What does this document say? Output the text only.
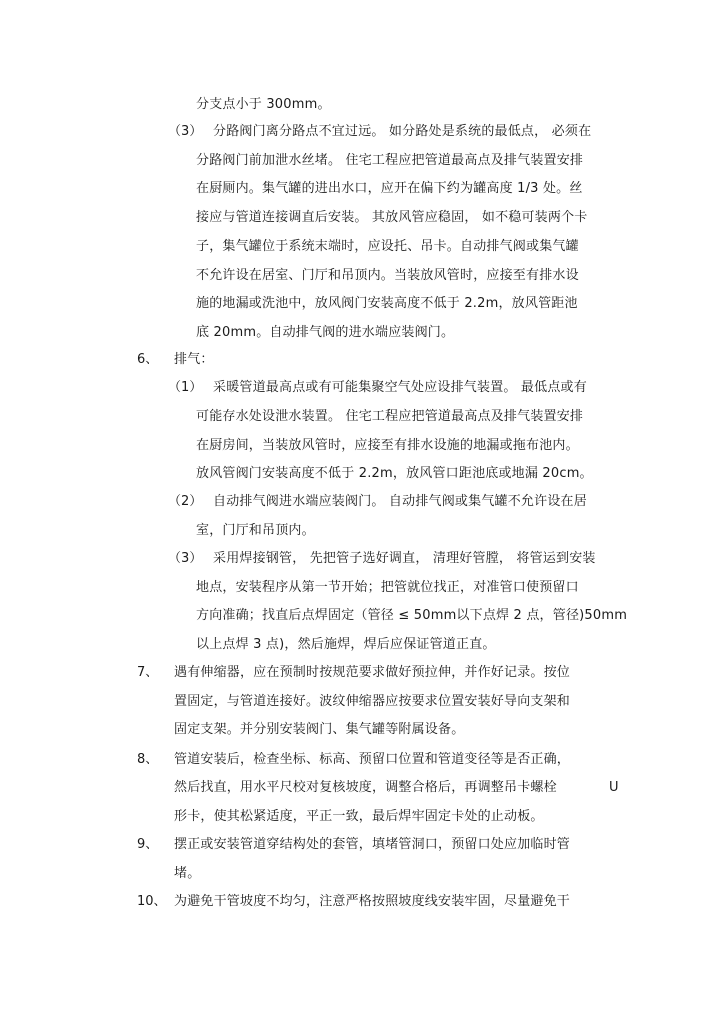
分支点小于 300mm。
（3） 分路阀门离分路点不宜过远。 如分路处是系统的最低点， 必须在
分路阀门前加泄水丝堵。 住宅工程应把管道最高点及排气装置安排
在厨厕内。集气罐的进出水口，应开在偏下约为罐高度 1/3 处。丝
接应与管道连接调直后安装。 其放风管应稳固， 如不稳可装两个卡
子，集气罐位于系统末端时，应设托、吊卡。自动排气阀或集气罐
不允许设在居室、门厅和吊顶内。当装放风管时，应接至有排水设
施的地漏或洗池中，放风阀门安装高度不低于 2.2m，放风管距池
底 20mm。自动排气阀的进水端应装阀门。
6、 排气：
（1） 采暖管道最高点或有可能集聚空气处应设排气装置。 最低点或有
可能存水处设泄水装置。 住宅工程应把管道最高点及排气装置安排
在厨房间，当装放风管时，应接至有排水设施的地漏或拖布池内。
放风管阀门安装高度不低于 2.2m，放风管口距池底或地漏 20cm。
（2） 自动排气阀进水端应装阀门。 自动排气阀或集气罐不允许设在居
室，门厅和吊顶内。
（3） 采用焊接钢管， 先把管子选好调直， 清理好管膛， 将管运到安装
地点，安装程序从第一节开始；把管就位找正，对准管口使预留口
方向准确；找直后点焊固定（管径 ≤ 50mm以下点焊 2 点，管径)50mm
以上点焊 3 点)，然后施焊，焊后应保证管道正直。
7、 遇有伸缩器，应在预制时按规范要求做好预拉伸，并作好记录。按位
置固定，与管道连接好。波纹伸缩器应按要求位置安装好导向支架和
固定支架。并分别安装阀门、集气罐等附属设备。
8、 管道安装后，检查坐标、标高、预留口位置和管道变径等是否正确，
然后找直，用水平尺校对复核坡度，调整合格后，再调整吊卡螺栓	U
形卡，使其松紧适度，平正一致，最后焊牢固定卡处的止动板。
9、 摆正或安装管道穿结构处的套管，填堵管洞口，预留口处应加临时管
堵。
10、 为避免干管坡度不均匀，注意严格按照坡度线安装牢固，尽量避免干
